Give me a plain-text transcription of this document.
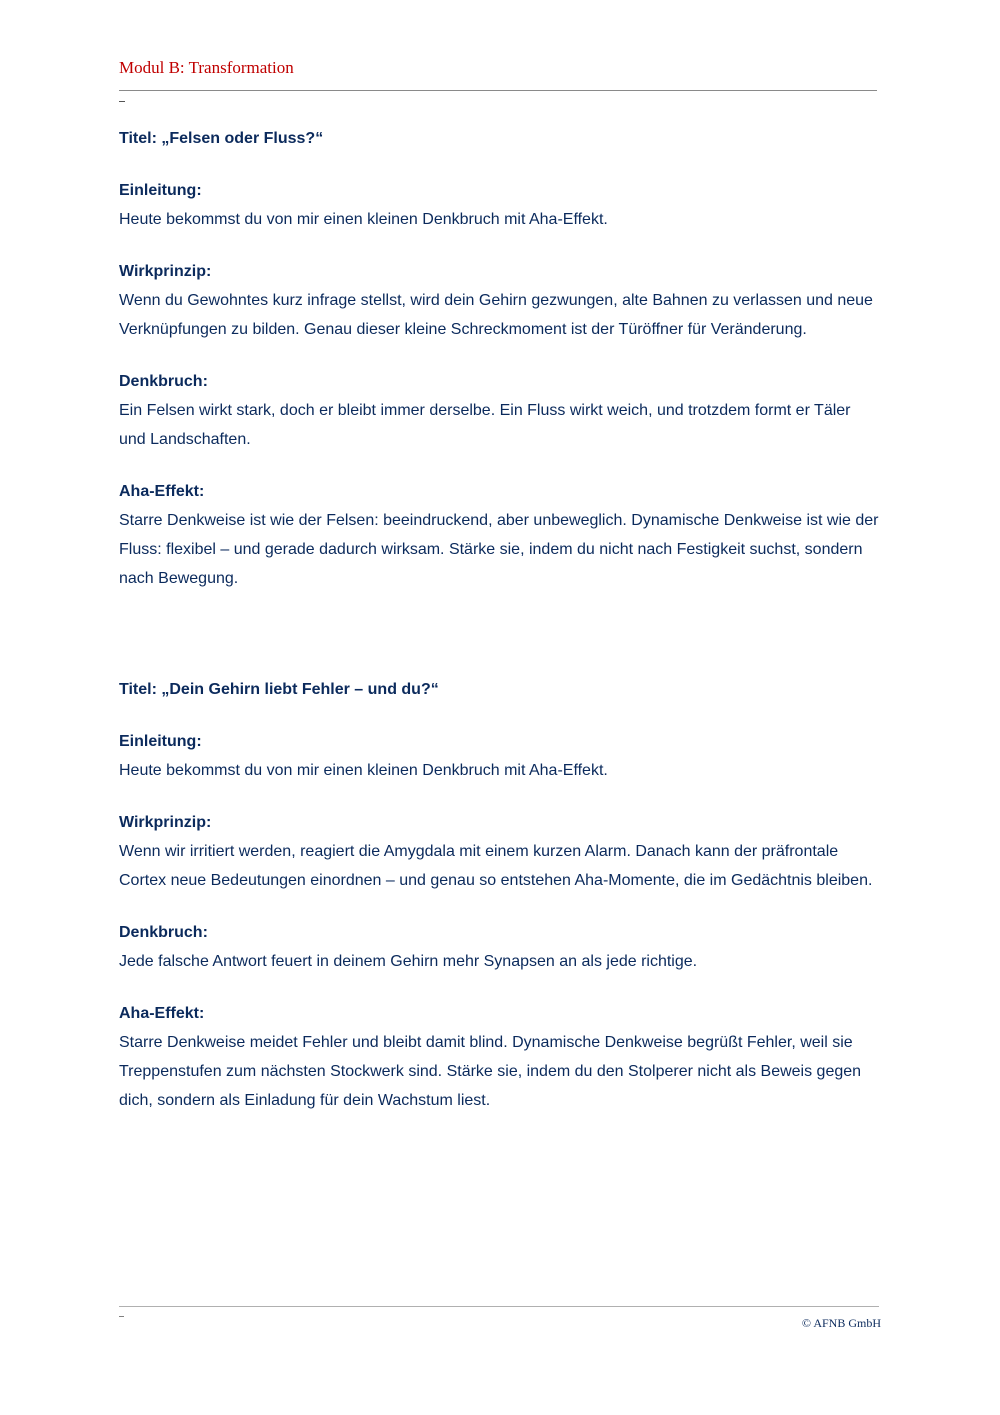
Modul B: Transformation

Titel: „Felsen oder Fluss?“

Einleitung:

Heute bekommst du von mir einen kleinen Denkbruch mit Aha-Effekt.

Wirkprinzip:

Wenn du Gewohntes kurz infrage stellst, wird dein Gehirn gezwungen, alte Bahnen zu verlassen und neue Verknüpfungen zu bilden. Genau dieser kleine Schreckmoment ist der Türöffner für Veränderung.

Denkbruch:

Ein Felsen wirkt stark, doch er bleibt immer derselbe. Ein Fluss wirkt weich, und trotzdem formt er Täler und Landschaften.

Aha-Effekt:

Starre Denkweise ist wie der Felsen: beeindruckend, aber unbeweglich. Dynamische Denkweise ist wie der Fluss: flexibel – und gerade dadurch wirksam. Stärke sie, indem du nicht nach Festigkeit suchst, sondern nach Bewegung.

Titel: „Dein Gehirn liebt Fehler – und du?“

Einleitung:

Heute bekommst du von mir einen kleinen Denkbruch mit Aha-Effekt.

Wirkprinzip:

Wenn wir irritiert werden, reagiert die Amygdala mit einem kurzen Alarm. Danach kann der präfrontale Cortex neue Bedeutungen einordnen – und genau so entstehen Aha-Momente, die im Gedächtnis bleiben.

Denkbruch:

Jede falsche Antwort feuert in deinem Gehirn mehr Synapsen an als jede richtige.

Aha-Effekt:

Starre Denkweise meidet Fehler und bleibt damit blind. Dynamische Denkweise begrüßt Fehler, weil sie Treppenstufen zum nächsten Stockwerk sind. Stärke sie, indem du den Stolperer nicht als Beweis gegen dich, sondern als Einladung für dein Wachstum liest.

© AFNB GmbH
